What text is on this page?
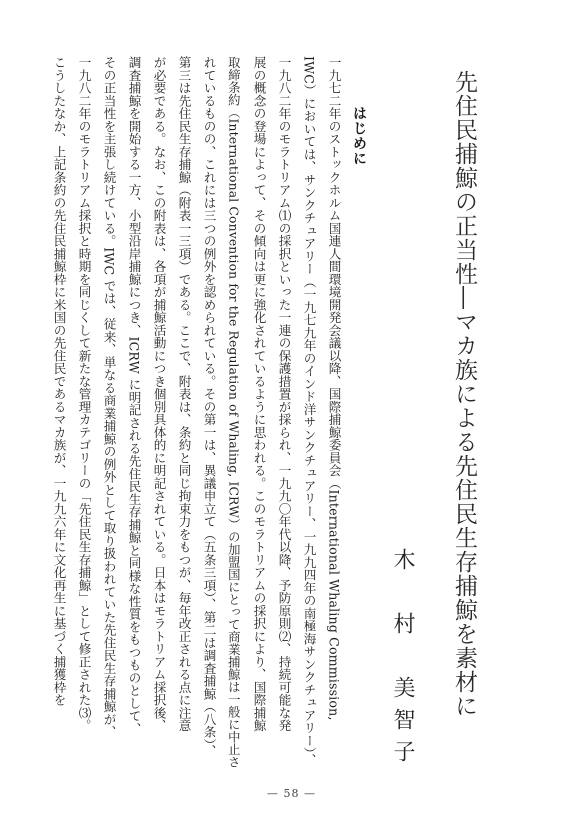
先住民捕鯨の正当性―マカ族による先住民生存捕鯨を素材に
木　村　美智子
はじめに
一九七二年のストックホルム国連人間環境開発会議以降、国際捕鯨委員会（International Whaling Commission,
IWC）においては、サンクチュアリー（一九七九年のインド洋サンクチュアリー、一九九四年の南極海サンクチュアリー）、
一九八二年のモラトリアム⑴の採択といった一連の保護措置が採られ、一九九〇年代以降、予防原則⑵、持続可能な発
展の概念の登場によって、その傾向は更に強化されているように思われる。このモラトリアムの採択により、国際捕鯨
取締条約（International Convention for the Regulation of Whaling, ICRW）の加盟国にとって商業捕鯨は一般に中止さ
れているものの、これには三つの例外を認められている。その第一は、異議申立て（五条三項）、第二は調査捕鯨（八条）、
第三は先住民生存捕鯨（附表一三項）である。ここで、附表は、条約と同じ拘束力をもつが、毎年改正される点に注意
が必要である。なお、この附表は、各項が捕鯨活動につき個別具体的に明記されている。日本はモラトリアム採択後、
調査捕鯨を開始する一方、小型沿岸捕鯨につき、ICRW に明記される先住民生存捕鯨と同様な性質をもつものとして、
その正当性を主張し続けている。IWC では、従来、単なる商業捕鯨の例外として取り扱われていた先住民生存捕鯨が、
一九八二年のモラトリアム採択と時期を同じくして新たな管理カテゴリーの「先住民生存捕鯨」として修正された⑶。
こうしたなか、上記条約の先住民捕鯨枠に米国の先住民であるマカ族が、一九九六年に文化再生に基づく捕獲枠を
— 58 —
